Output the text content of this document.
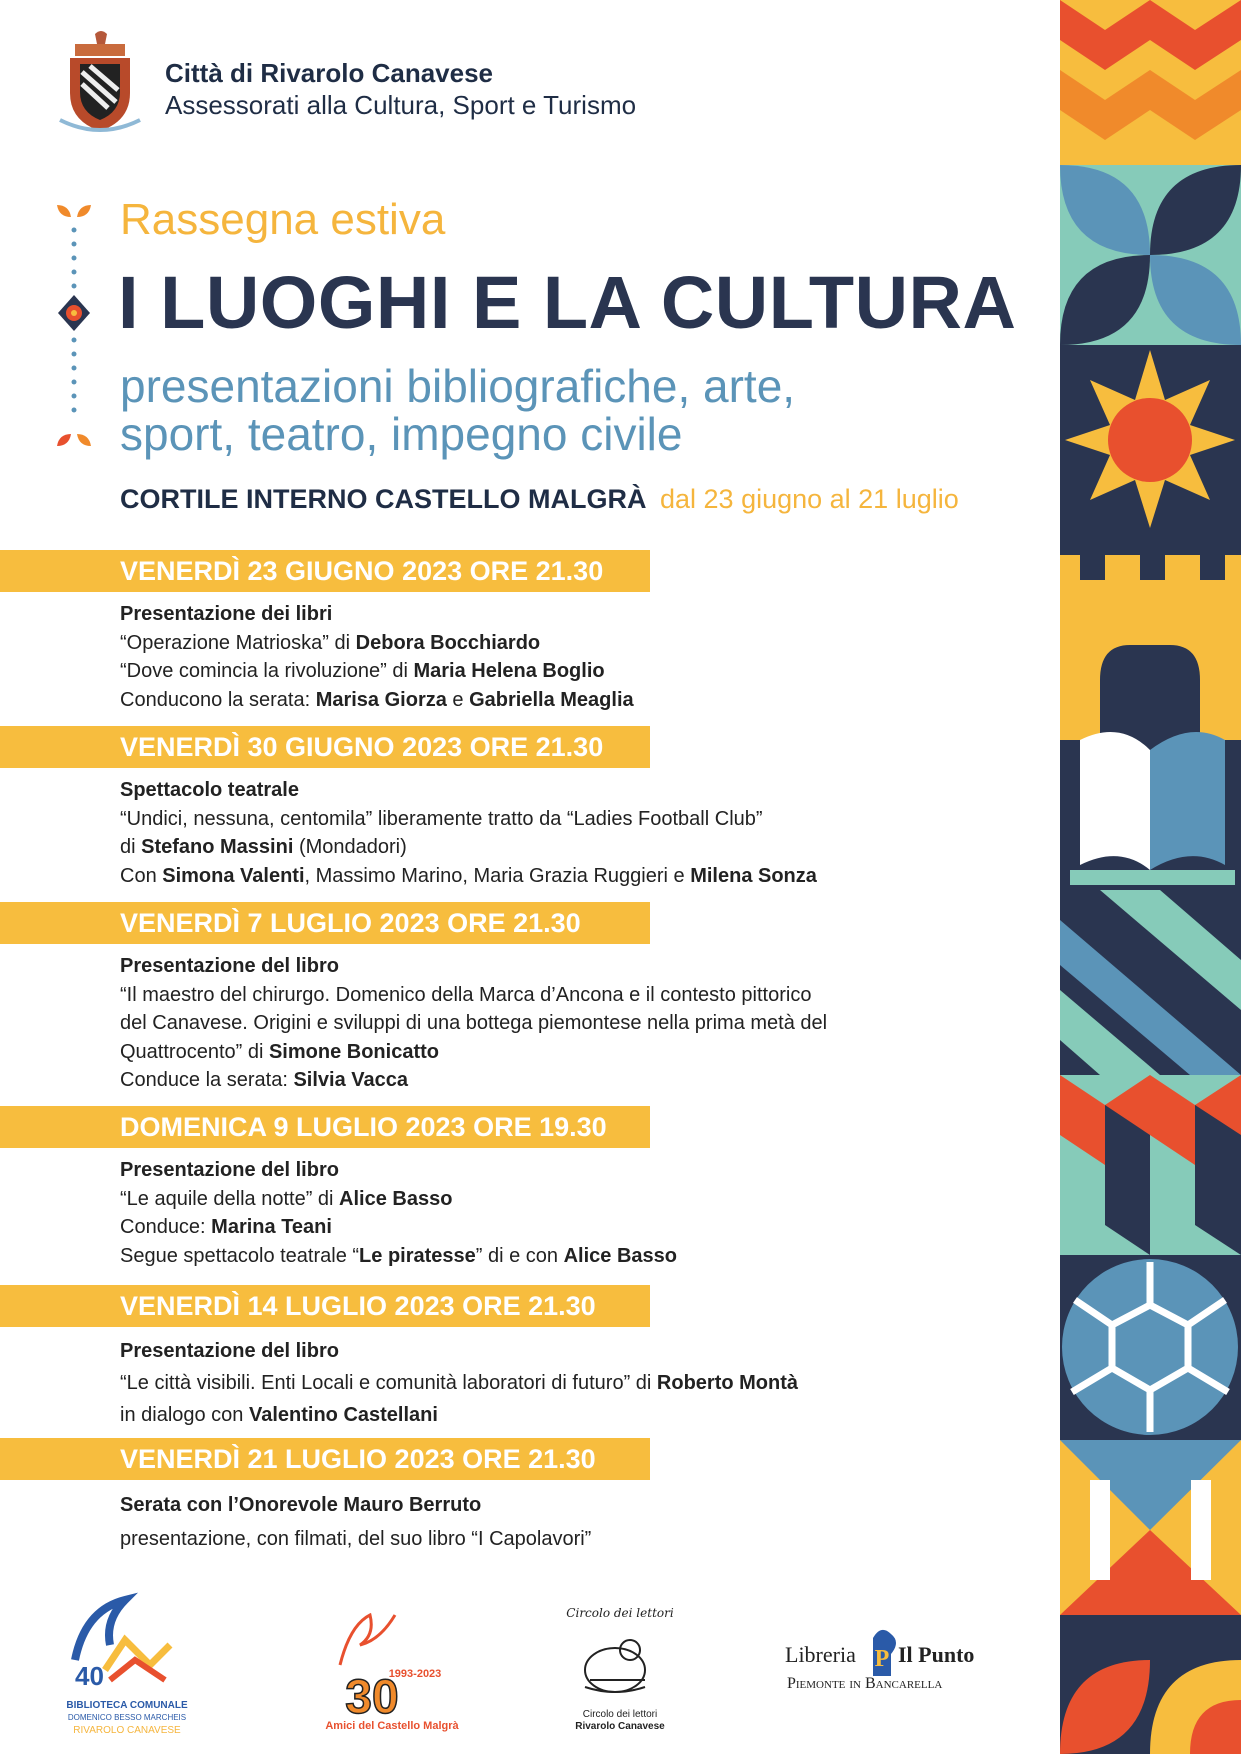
Città di Rivarolo Canavese
Assessorati alla Cultura, Sport e Turismo
Rassegna estiva
I LUOGHI E LA CULTURA
presentazioni bibliografiche, arte,
sport, teatro, impegno civile
CORTILE INTERNO CASTELLO MALGRÀ dal 23 giugno al 21 luglio
VENERDÌ 23 GIUGNO 2023 ORE 21.30
Presentazione dei libri
“Operazione Matrioska” di Debora Bocchiardo
“Dove comincia la rivoluzione” di Maria Helena Boglio
Conducono la serata: Marisa Giorza e Gabriella Meaglia
VENERDÌ 30 GIUGNO 2023 ORE 21.30
Spettacolo teatrale
“Undici, nessuna, centomila” liberamente tratto da “Ladies Football Club”
di Stefano Massini (Mondadori)
Con Simona Valenti, Massimo Marino, Maria Grazia Ruggieri e Milena Sonza
VENERDÌ 7 LUGLIO 2023 ORE 21.30
Presentazione del libro
“Il maestro del chirurgo. Domenico della Marca d’Ancona e il contesto pittorico
del Canavese. Origini e sviluppi di una bottega piemontese nella prima metà del
Quattrocento” di Simone Bonicatto
Conduce la serata: Silvia Vacca
DOMENICA 9 LUGLIO 2023 ORE 19.30
Presentazione del libro
“Le aquile della notte” di Alice Basso
Conduce: Marina Teani
Segue spettacolo teatrale “Le piratesse” di e con Alice Basso
VENERDÌ 14 LUGLIO 2023 ORE 21.30
Presentazione del libro
“Le città visibili. Enti Locali e comunità laboratori di futuro” di Roberto Montà
in dialogo con Valentino Castellani
VENERDÌ 21 LUGLIO 2023 ORE 21.30
Serata con l’Onorevole Mauro Berruto
presentazione, con filmati, del suo libro “I Capolavori”
40
BIBLIOTECA COMUNALE
DOMENICO BESSO MARCHEIS
RIVAROLO CANAVESE
1993-2023
30
Amici del Castello Malgrà
Circolo dei lettori
Circolo dei lettori
Rivarolo Canavese
Libreria P Il Punto
Piemonte in Bancarella
